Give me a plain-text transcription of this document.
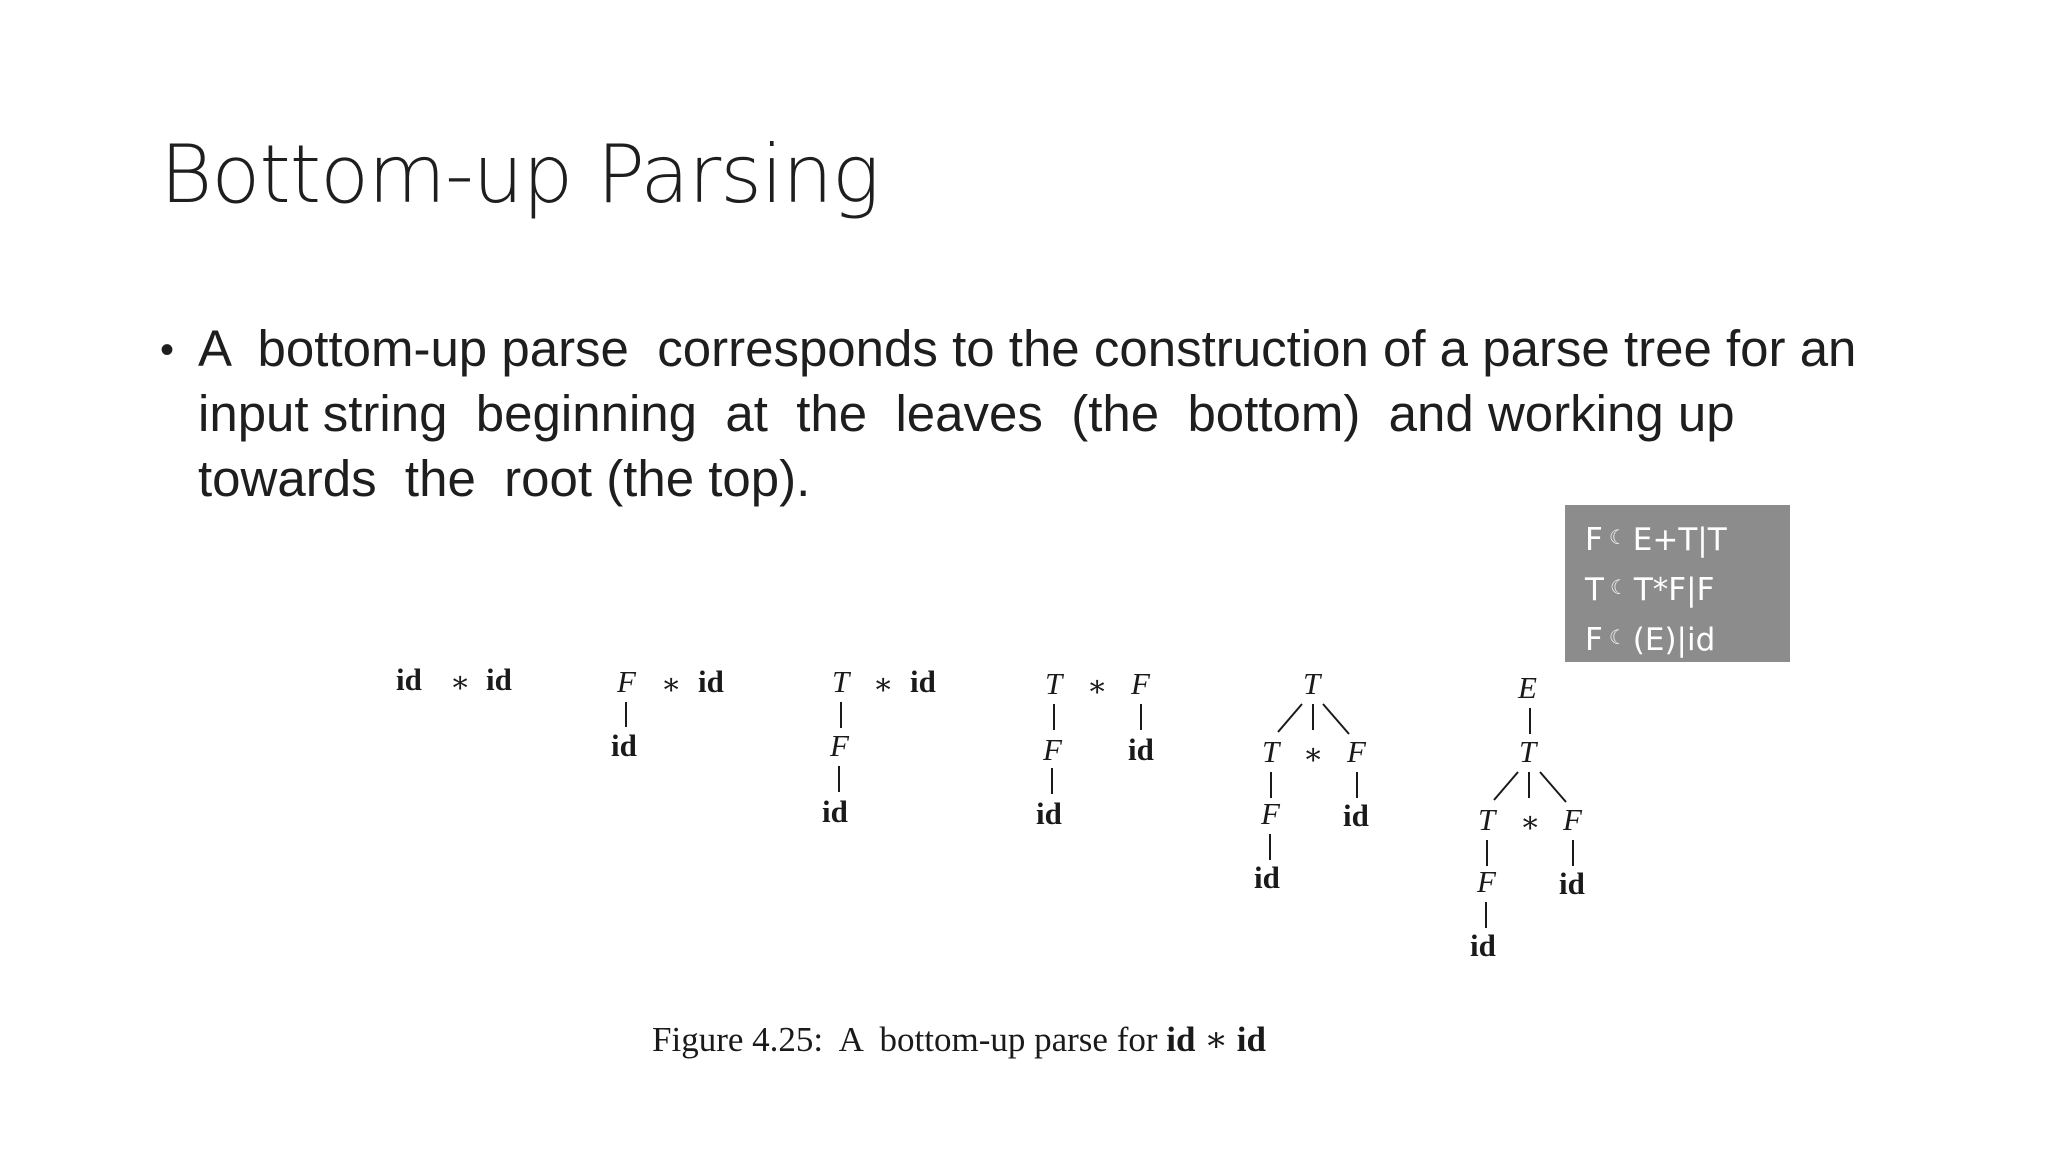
Bottom-up Parsing
• A  bottom-up parse  corresponds to the construction of a parse tree for an input string  beginning  at  the  leaves  (the  bottom)  and working up  towards  the  root (the top).
F ☾ E+T|T
T ☾ T*F|F
F ☾ (E)|id
id ∗ id	F ∗ id
id
T ∗ id
F
id
T ∗ F
F id
id
T
T ∗ F
F id
id
E
T
T ∗ F
F id
id
Figure 4.25:  A  bottom-up parse for id ∗ id
